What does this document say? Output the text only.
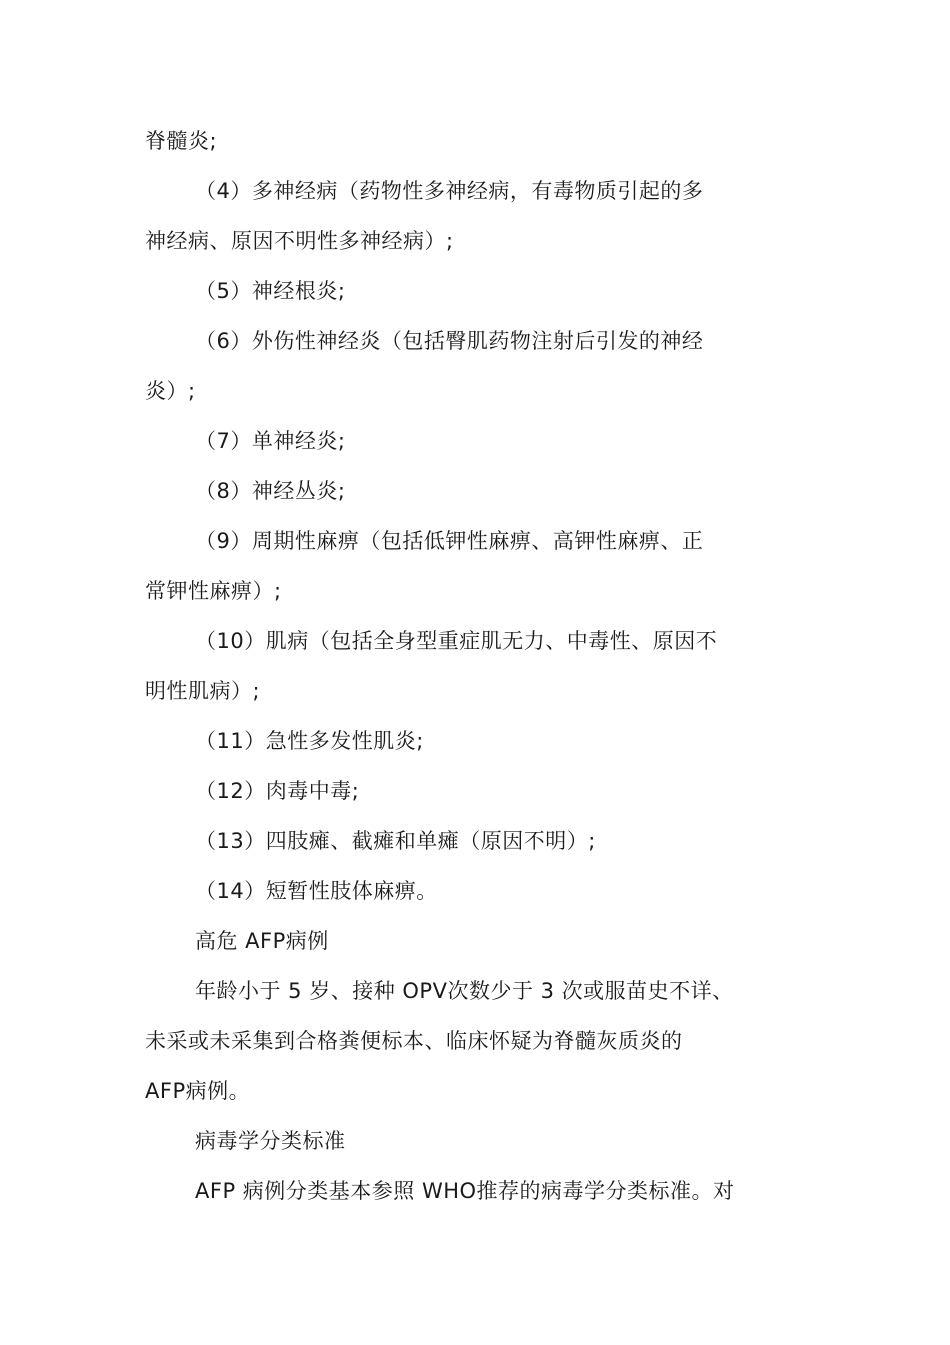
脊髓炎;
（4）多神经病（药物性多神经病，有毒物质引起的多
神经病、原因不明性多神经病）;
（5）神经根炎;
（6）外伤性神经炎（包括臀肌药物注射后引发的神经
炎）;
（7）单神经炎;
（8）神经丛炎;
（9）周期性麻痹（包括低钾性麻痹、高钾性麻痹、正
常钾性麻痹）;
（10）肌病（包括全身型重症肌无力、中毒性、原因不
明性肌病）;
（11）急性多发性肌炎;
（12）肉毒中毒;
（13）四肢瘫、截瘫和单瘫（原因不明）;
（14）短暂性肢体麻痹。
高危 AFP病例
年龄小于 5 岁、接种 OPV次数少于 3 次或服苗史不详、
未采或未采集到合格粪便标本、临床怀疑为脊髓灰质炎的
AFP病例。
病毒学分类标准
AFP 病例分类基本参照 WHO推荐的病毒学分类标准。对
